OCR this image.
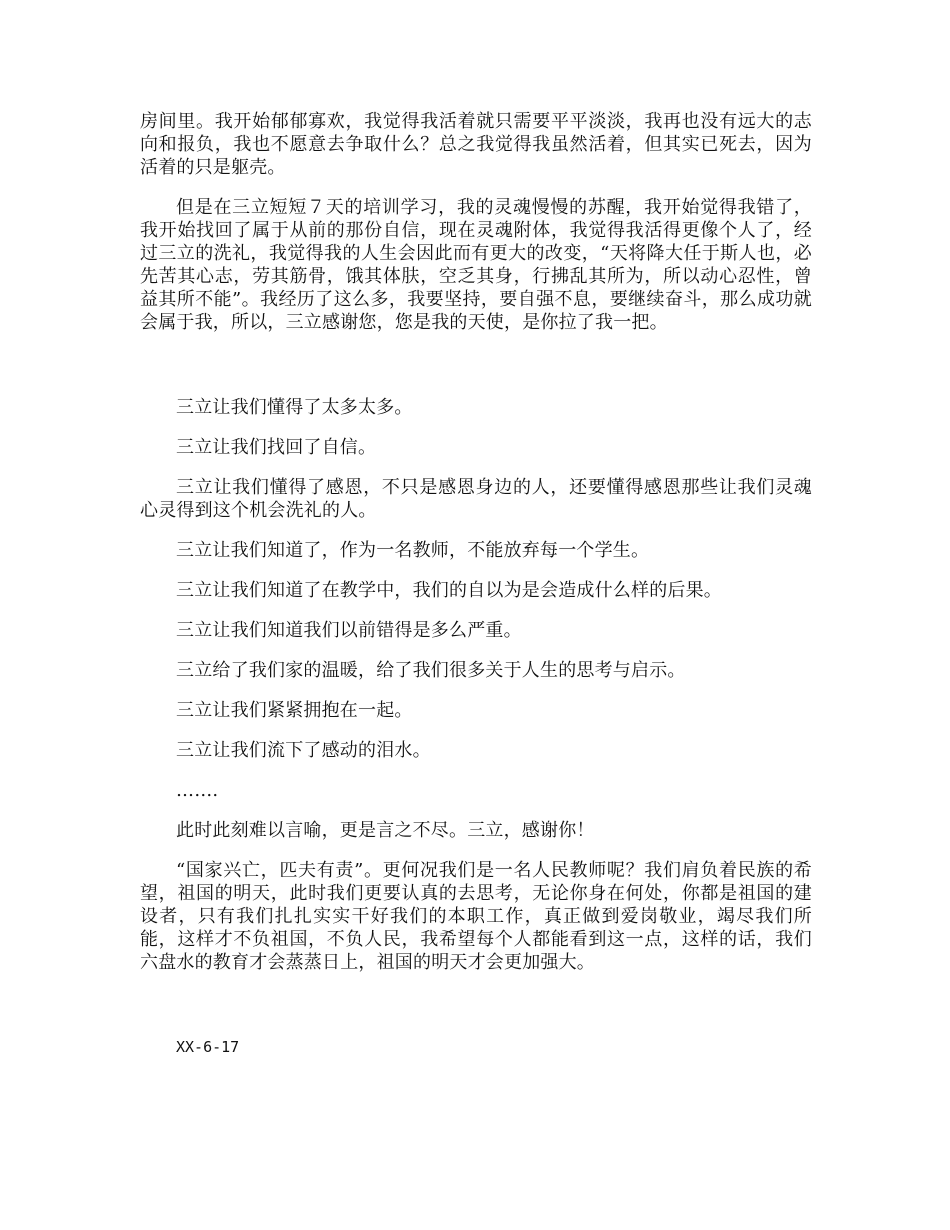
房间里。我开始郁郁寡欢，我觉得我活着就只需要平平淡淡，我再也没有远大的志向和报负，我也不愿意去争取什么？总之我觉得我虽然活着，但其实已死去，因为活着的只是躯壳。

但是在三立短短７天的培训学习，我的灵魂慢慢的苏醒，我开始觉得我错了，我开始找回了属于从前的那份自信，现在灵魂附体，我觉得我活得更像个人了，经过三立的洗礼，我觉得我的人生会因此而有更大的改变，“天将降大任于斯人也，必先苦其心志，劳其筋骨，饿其体肤，空乏其身，行拂乱其所为，所以动心忍性，曾益其所不能”。我经历了这么多，我要坚持，要自强不息，要继续奋斗，那么成功就会属于我，所以，三立感谢您，您是我的天使，是你拉了我一把。

三立让我们懂得了太多太多。

三立让我们找回了自信。

三立让我们懂得了感恩，不只是感恩身边的人，还要懂得感恩那些让我们灵魂心灵得到这个机会洗礼的人。

三立让我们知道了，作为一名教师，不能放弃每一个学生。

三立让我们知道了在教学中，我们的自以为是会造成什么样的后果。

三立让我们知道我们以前错得是多么严重。

三立给了我们家的温暖，给了我们很多关于人生的思考与启示。

三立让我们紧紧拥抱在一起。

三立让我们流下了感动的泪水。

…….

此时此刻难以言喻，更是言之不尽。三立，感谢你！

“国家兴亡，匹夫有责”。更何况我们是一名人民教师呢？我们肩负着民族的希望，祖国的明天，此时我们更要认真的去思考，无论你身在何处，你都是祖国的建设者，只有我们扎扎实实干好我们的本职工作，真正做到爱岗敬业，竭尽我们所能，这样才不负祖国，不负人民，我希望每个人都能看到这一点，这样的话，我们六盘水的教育才会蒸蒸日上，祖国的明天才会更加强大。

XX-6-17
